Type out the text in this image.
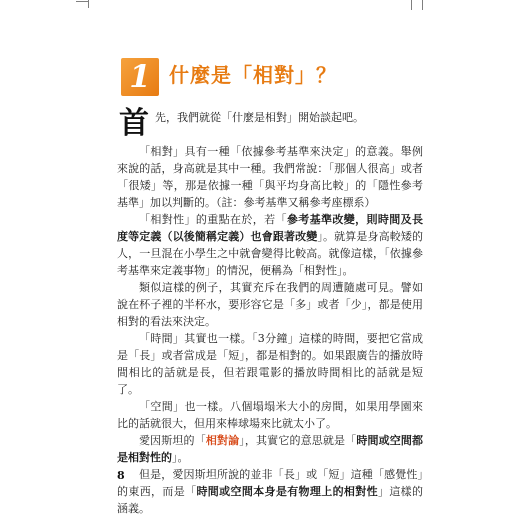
1 什麼是「相對」？

首先，我們就從「什麼是相對」開始談起吧。

「相對」具有一種「依據參考基準來決定」的意義。舉例來說的話，身高就是其中一種。我們常說：「那個人很高」或者「很矮」等，那是依據一種「與平均身高比較」的「隱性參考基準」加以判斷的。（註：參考基準又稱參考座標系）

「相對性」的重點在於，若「參考基準改變，則時間及長度等定義（以後簡稱定義）也會跟著改變」。就算是身高較矮的人，一旦混在小學生之中就會變得比較高。就像這樣，「依據參考基準來定義事物」的情況，便稱為「相對性」。

類似這樣的例子，其實充斥在我們的周遭隨處可見。譬如說在杯子裡的半杯水，要形容它是「多」或者「少」，都是使用相對的看法來決定。

「時間」其實也一樣。「3分鐘」這樣的時間，要把它當成是「長」或者當成是「短」，都是相對的。如果跟廣告的播放時間相比的話就是長，但若跟電影的播放時間相比的話就是短了。

「空間」也一樣。八個塌塌米大小的房間，如果用學園來比的話就很大，但用來棒球場來比就太小了。

愛因斯坦的「相對論」，其實它的意思就是「時間或空間都是相對性的」。

但是，愛因斯坦所說的並非「長」或「短」這種「感覺性」的東西，而是「時間或空間本身是有物理上的相對性」這樣的涵義。

8
